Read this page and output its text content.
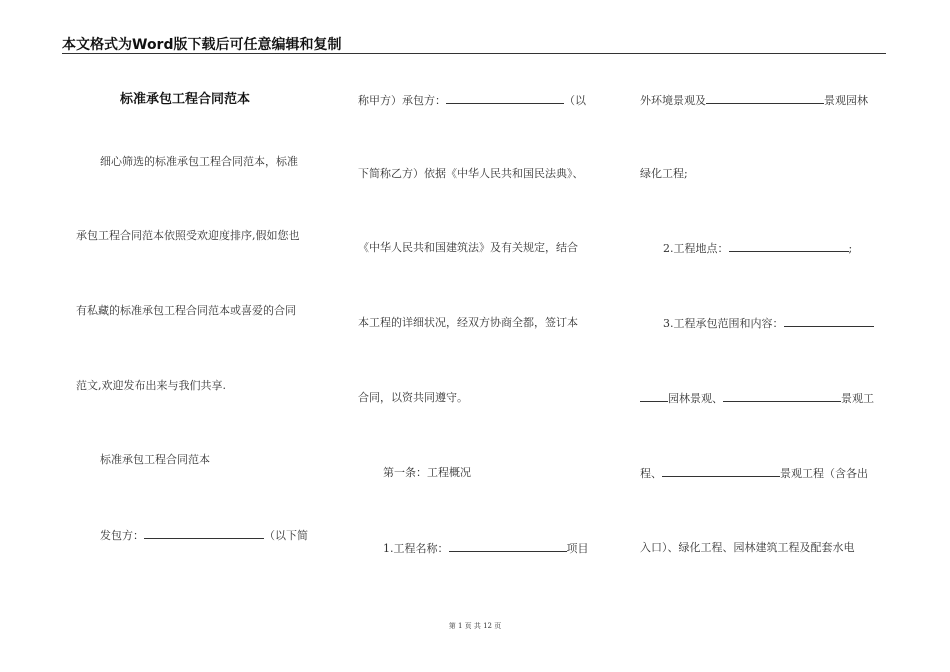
本文格式为Word版下载后可任意编辑和复制
标准承包工程合同范本
细心筛选的标准承包工程合同范本，标准
承包工程合同范本依照受欢迎度排序,假如您也
有私藏的标准承包工程合同范本或喜爱的合同
范文,欢迎发布出来与我们共享.
标准承包工程合同范本
发包方：	（以下简
称甲方）承包方：	（以
下简称乙方）依据《中华人民共和国民法典》、
《中华人民共和国建筑法》及有关规定，结合
本工程的详细状况，经双方协商全都，签订本
合同，以资共同遵守。
第一条：工程概况
1.工程名称：	项目
外环境景观及	景观园林
绿化工程;
2.工程地点：	;
3.工程承包范围和内容：
园林景观、	景观工
程、	景观工程（含各出
入口）、绿化工程、园林建筑工程及配套水电
第 1 页 共 12 页
